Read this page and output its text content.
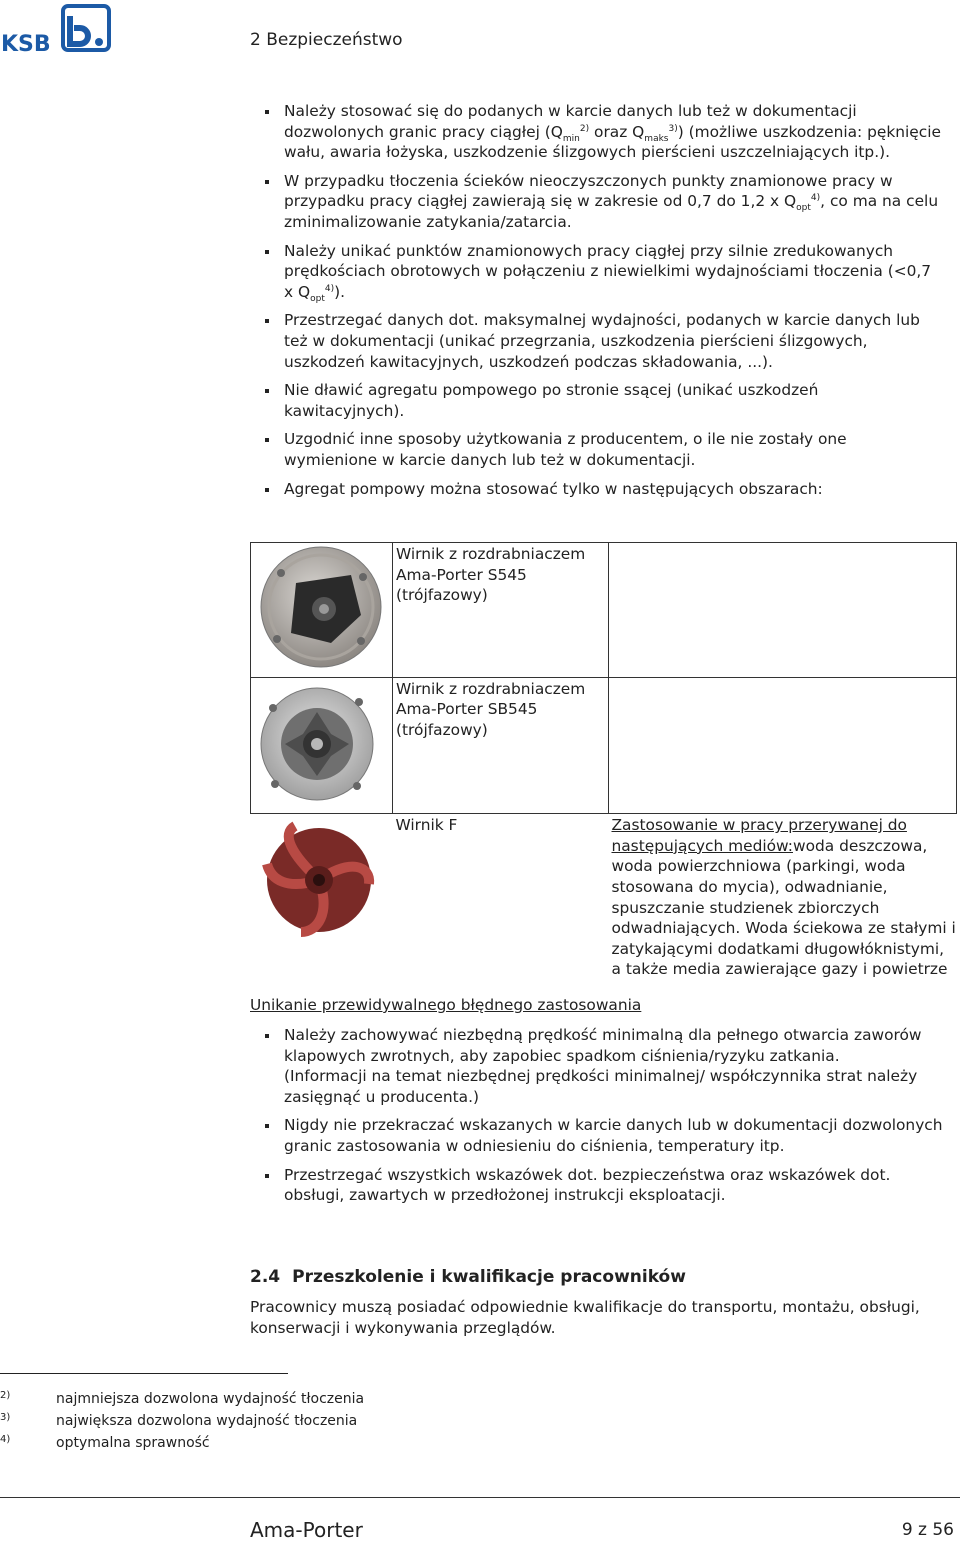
KSB	2 Bezpieczeństwo
Należy stosować się do podanych w karcie danych lub też w dokumentacji dozwolonych granic pracy ciągłej ($Q_{min}^{2)}$ oraz $Q_{maks}^{3)}$) (możliwe uszkodzenia: pęknięcie wału, awaria łożyska, uszkodzenie ślizgowych pierścieni uszczelniających itp.).
W przypadku tłoczenia ścieków nieoczyszczonych punkty znamionowe pracy w przypadku pracy ciągłej zawierają się w zakresie od 0,7 do 1,2 x $Q_{opt}^{4)}$, co ma na celu zminimalizowanie zatykania/zatarcia.
Należy unikać punktów znamionowych pracy ciągłej przy silnie zredukowanych prędkościach obrotowych w połączeniu z niewielkimi wydajnościami tłoczenia (<0,7 x $Q_{opt}^{4)}$).
Przestrzegać danych dot. maksymalnej wydajności, podanych w karcie danych lub też w dokumentacji (unikać przegrzania, uszkodzenia pierścieni ślizgowych, uszkodzeń kawitacyjnych, uszkodzeń podczas składowania, ...).
Nie dławić agregatu pompowego po stronie ssącej (unikać uszkodzeń kawitacyjnych).
Uzgodnić inne sposoby użytkowania z producentem, o ile nie zostały one wymienione w karcie danych lub też w dokumentacji.
Agregat pompowy można stosować tylko w następujących obszarach:
	Wirnik z rozdrabniaczem Ama-Porter S545 (trójfazowy)	
	Wirnik z rozdrabniaczem Ama-Porter SB545 (trójfazowy)	
	Wirnik F	Zastosowanie w pracy przerywanej do następujących mediów:woda deszczowa, woda powierzchniowa (parkingi, woda stosowana do mycia), odwadnianie, spuszczanie studzienek zbiorczych odwadniających. Woda ściekowa ze stałymi i zatykającymi dodatkami długowłóknistymi, a także media zawierające gazy i powietrze
Unikanie przewidywalnego błędnego zastosowania
Należy zachowywać niezbędną prędkość minimalną dla pełnego otwarcia zaworów klapowych zwrotnych, aby zapobiec spadkom ciśnienia/ryzyku zatkania.
(Informacji na temat niezbędnej prędkości minimalnej/ współczynnika strat należy zasięgnąć u producenta.)
Nigdy nie przekraczać wskazanych w karcie danych lub w dokumentacji dozwolonych granic zastosowania w odniesieniu do ciśnienia, temperatury itp.
Przestrzegać wszystkich wskazówek dot. bezpieczeństwa oraz wskazówek dot. obsługi, zawartych w przedłożonej instrukcji eksploatacji.
2.4 Przeszkolenie i kwalifikacje pracowników
Pracownicy muszą posiadać odpowiednie kwalifikacje do transportu, montażu, obsługi, konserwacji i wykonywania przeglądów.
2)	najmniejsza dozwolona wydajność tłoczenia
3)	największa dozwolona wydajność tłoczenia
4)	optymalna sprawność
Ama-Porter	9 z 56
